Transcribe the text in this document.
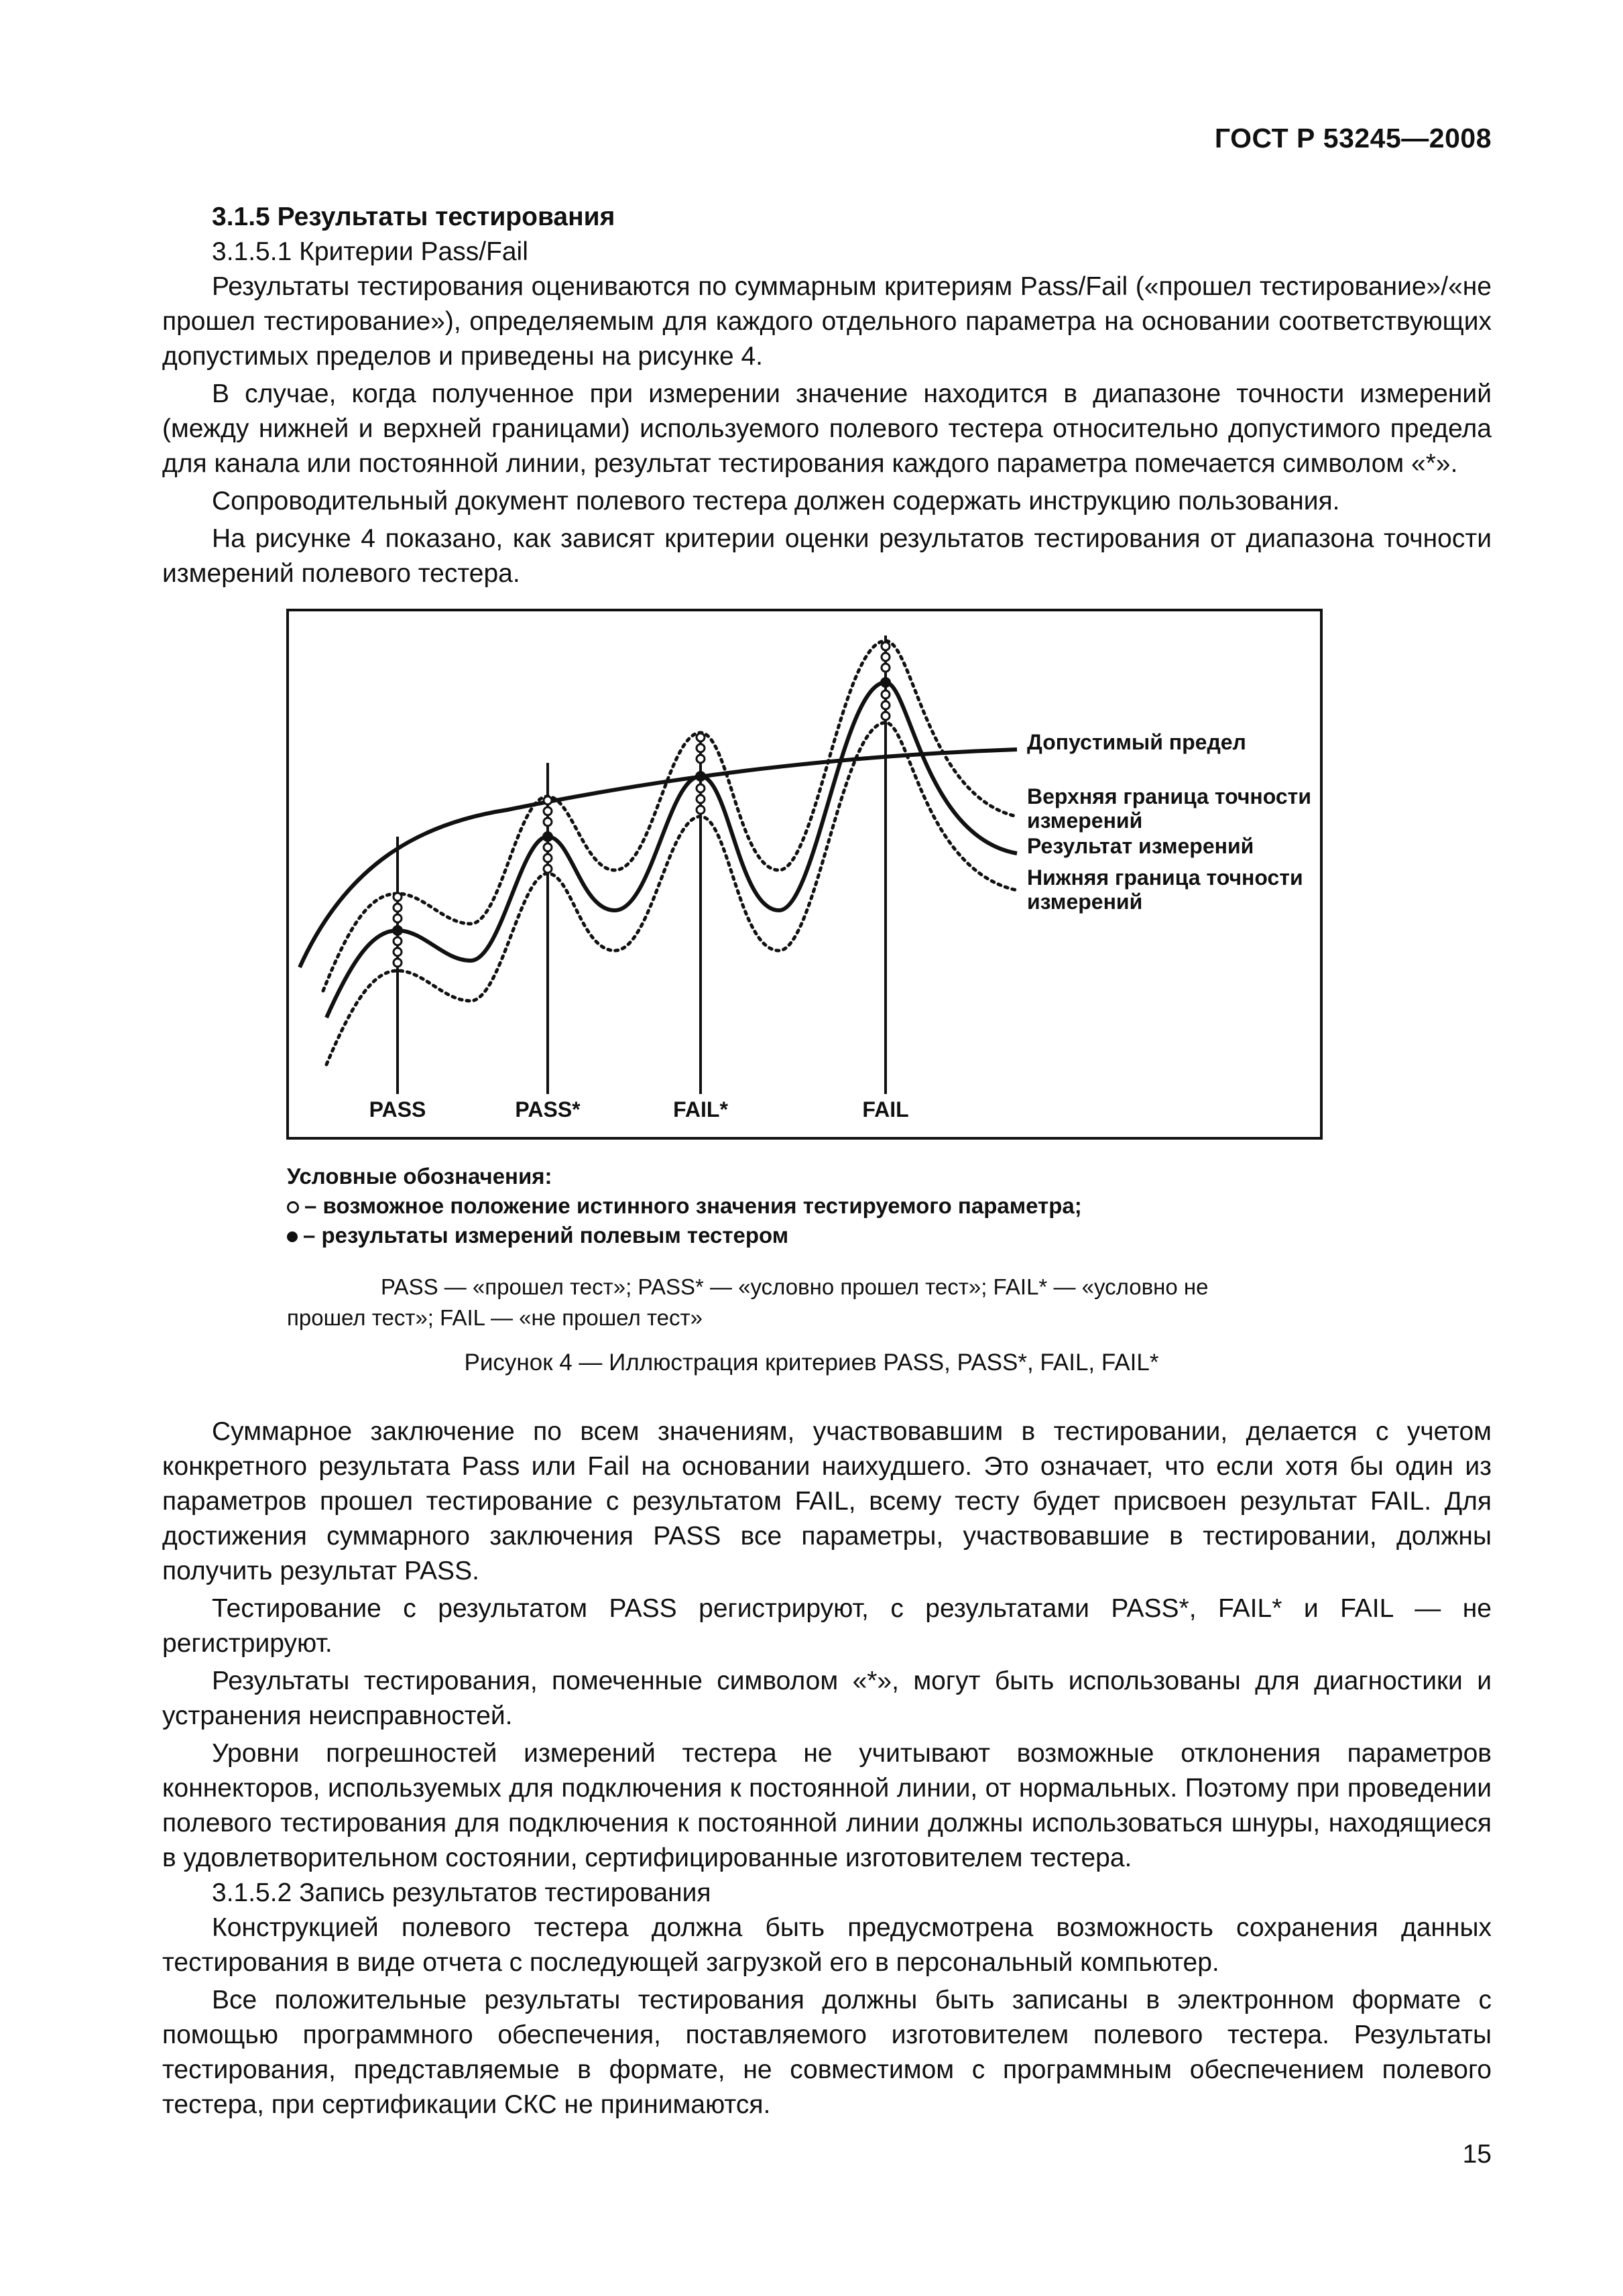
ГОСТ Р 53245—2008

3.1.5 Результаты тестирования

3.1.5.1 Критерии Pass/Fail

Результаты тестирования оцениваются по суммарным критериям Pass/Fail («прошел тестирование»/«не прошел тестирование»), определяемым для каждого отдельного параметра на основании соответствующих допустимых пределов и приведены на рисунке 4.

В случае, когда полученное при измерении значение находится в диапазоне точности измерений (между нижней и верхней границами) используемого полевого тестера относительно допустимого предела для канала или постоянной линии, результат тестирования каждого параметра помечается символом «*».

Сопроводительный документ полевого тестера должен содержать инструкцию пользования.

На рисунке 4 показано, как зависят критерии оценки результатов тестирования от диапазона точности измерений полевого тестера.

Допустимый предел
Верхняя граница точности
измерений
Результат измерений
Нижняя граница точности
измерений
PASS	PASS*	FAIL*	FAIL
Условные обозначения:
– возможное положение истинного значения тестируемого параметра;
– результаты измерений полевым тестером

PASS — «прошел тест»; PASS* — «условно прошел тест»; FAIL* — «условно не

прошел тест»; FAIL — «не прошел тест»

Рисунок 4 — Иллюстрация критериев PASS, PASS*, FAIL, FAIL*

Суммарное заключение по всем значениям, участвовавшим в тестировании, делается с учетом конкретного результата Pass или Fail на основании наихудшего. Это означает, что если хотя бы один из параметров прошел тестирование с результатом FAIL, всему тесту будет присвоен результат FAIL. Для достижения суммарного заключения PASS все параметры, участвовавшие в тестировании, должны получить результат PASS.

Тестирование с результатом PASS регистрируют, с результатами PASS*, FAIL* и FAIL — не регистрируют.

Результаты тестирования, помеченные символом «*», могут быть использованы для диагностики и устранения неисправностей.

Уровни погрешностей измерений тестера не учитывают возможные отклонения параметров коннекторов, используемых для подключения к постоянной линии, от нормальных. Поэтому при проведении полевого тестирования для подключения к постоянной линии должны использоваться шнуры, находящиеся в удовлетворительном состоянии, сертифицированные изготовителем тестера.

3.1.5.2 Запись результатов тестирования

Конструкцией полевого тестера должна быть предусмотрена возможность сохранения данных тестирования в виде отчета с последующей загрузкой его в персональный компьютер.

Все положительные результаты тестирования должны быть записаны в электронном формате с помощью программного обеспечения, поставляемого изготовителем полевого тестера. Результаты тестирования, представляемые в формате, не совместимом с программным обеспечением полевого тестера, при сертификации СКС не принимаются.

15
